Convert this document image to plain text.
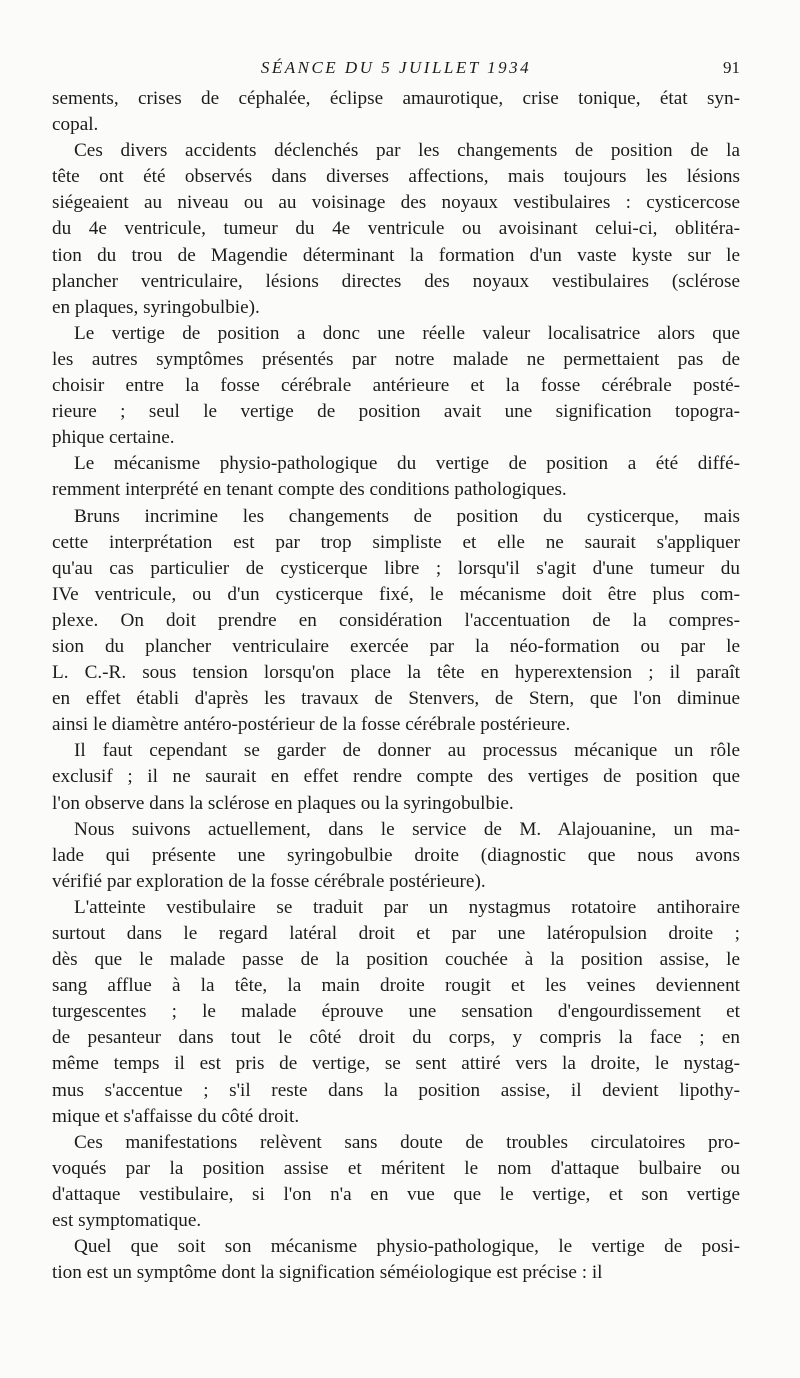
SÉANCE DU 5 JUILLET 1934	91
sements, crises de céphalée, éclipse amaurotique, crise tonique, état syn-
copal.
Ces divers accidents déclenchés par les changements de position de la
tête ont été observés dans diverses affections, mais toujours les lésions
siégeaient au niveau ou au voisinage des noyaux vestibulaires : cysticercose
du 4e ventricule, tumeur du 4e ventricule ou avoisinant celui-ci, oblitéra-
tion du trou de Magendie déterminant la formation d'un vaste kyste sur le
plancher ventriculaire, lésions directes des noyaux vestibulaires (sclérose
en plaques, syringobulbie).
Le vertige de position a donc une réelle valeur localisatrice alors que
les autres symptômes présentés par notre malade ne permettaient pas de
choisir entre la fosse cérébrale antérieure et la fosse cérébrale posté-
rieure ; seul le vertige de position avait une signification topogra-
phique certaine.
Le mécanisme physio-pathologique du vertige de position a été diffé-
remment interprété en tenant compte des conditions pathologiques.
Bruns incrimine les changements de position du cysticerque, mais
cette interprétation est par trop simpliste et elle ne saurait s'appliquer
qu'au cas particulier de cysticerque libre ; lorsqu'il s'agit d'une tumeur du
IVe ventricule, ou d'un cysticerque fixé, le mécanisme doit être plus com-
plexe. On doit prendre en considération l'accentuation de la compres-
sion du plancher ventriculaire exercée par la néo-formation ou par le
L. C.-R. sous tension lorsqu'on place la tête en hyperextension ; il paraît
en effet établi d'après les travaux de Stenvers, de Stern, que l'on diminue
ainsi le diamètre antéro-postérieur de la fosse cérébrale postérieure.
Il faut cependant se garder de donner au processus mécanique un rôle
exclusif ; il ne saurait en effet rendre compte des vertiges de position que
l'on observe dans la sclérose en plaques ou la syringobulbie.
Nous suivons actuellement, dans le service de M. Alajouanine, un ma-
lade qui présente une syringobulbie droite (diagnostic que nous avons
vérifié par exploration de la fosse cérébrale postérieure).
L'atteinte vestibulaire se traduit par un nystagmus rotatoire antihoraire
surtout dans le regard latéral droit et par une latéropulsion droite ;
dès que le malade passe de la position couchée à la position assise, le
sang afflue à la tête, la main droite rougit et les veines deviennent
turgescentes ; le malade éprouve une sensation d'engourdissement et
de pesanteur dans tout le côté droit du corps, y compris la face ; en
même temps il est pris de vertige, se sent attiré vers la droite, le nystag-
mus s'accentue ; s'il reste dans la position assise, il devient lipothy-
mique et s'affaisse du côté droit.
Ces manifestations relèvent sans doute de troubles circulatoires pro-
voqués par la position assise et méritent le nom d'attaque bulbaire ou
d'attaque vestibulaire, si l'on n'a en vue que le vertige, et son vertige
est symptomatique.
Quel que soit son mécanisme physio-pathologique, le vertige de posi-
tion est un symptôme dont la signification séméiologique est précise : il
